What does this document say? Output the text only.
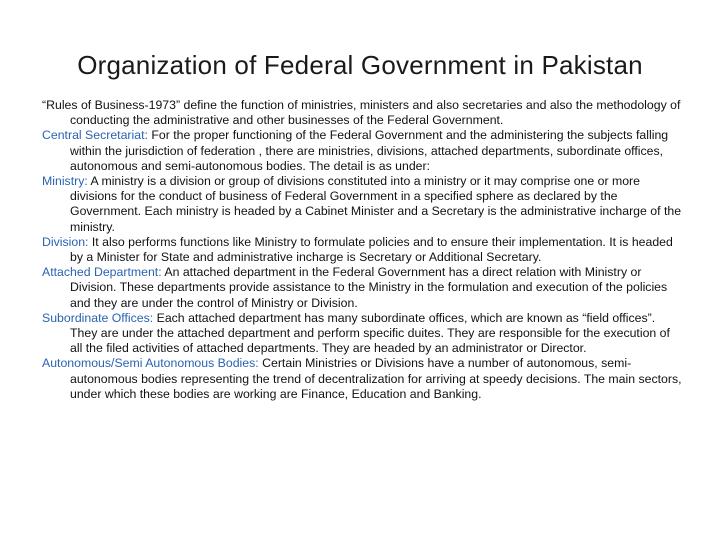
Organization of Federal Government in Pakistan

“Rules of Business-1973” define the function of ministries, ministers and also secretaries and also the methodology of conducting the administrative and other businesses of the Federal Government.

Central Secretariat: For the proper functioning of the Federal Government and the administering the subjects falling within the jurisdiction of federation , there are ministries, divisions, attached departments, subordinate offices, autonomous and semi-autonomous bodies. The detail is as under:

Ministry: A ministry is a division or group of divisions constituted into a ministry or it may comprise one or more divisions for the conduct of business of Federal Government in a specified sphere as declared by the Government. Each ministry is headed by a Cabinet Minister and a Secretary is the administrative incharge of the ministry.

Division: It also performs functions like Ministry to formulate policies and to ensure their implementation. It is headed by a Minister for State and administrative incharge is Secretary or Additional Secretary.

Attached Department: An attached department in the Federal Government has a direct relation with Ministry or Division. These departments provide assistance to the Ministry in the formulation and execution of the policies and they are under the control of Ministry or Division.

Subordinate Offices: Each attached department has many subordinate offices, which are known as “field offices”. They are under the attached department and perform specific duites. They are responsible for the execution of all the filed activities of attached departments. They are headed by an administrator or Director.

Autonomous/Semi Autonomous Bodies: Certain Ministries or Divisions have a number of autonomous, semi-autonomous bodies representing the trend of decentralization for arriving at speedy decisions. The main sectors, under which these bodies are working are Finance, Education and Banking.
